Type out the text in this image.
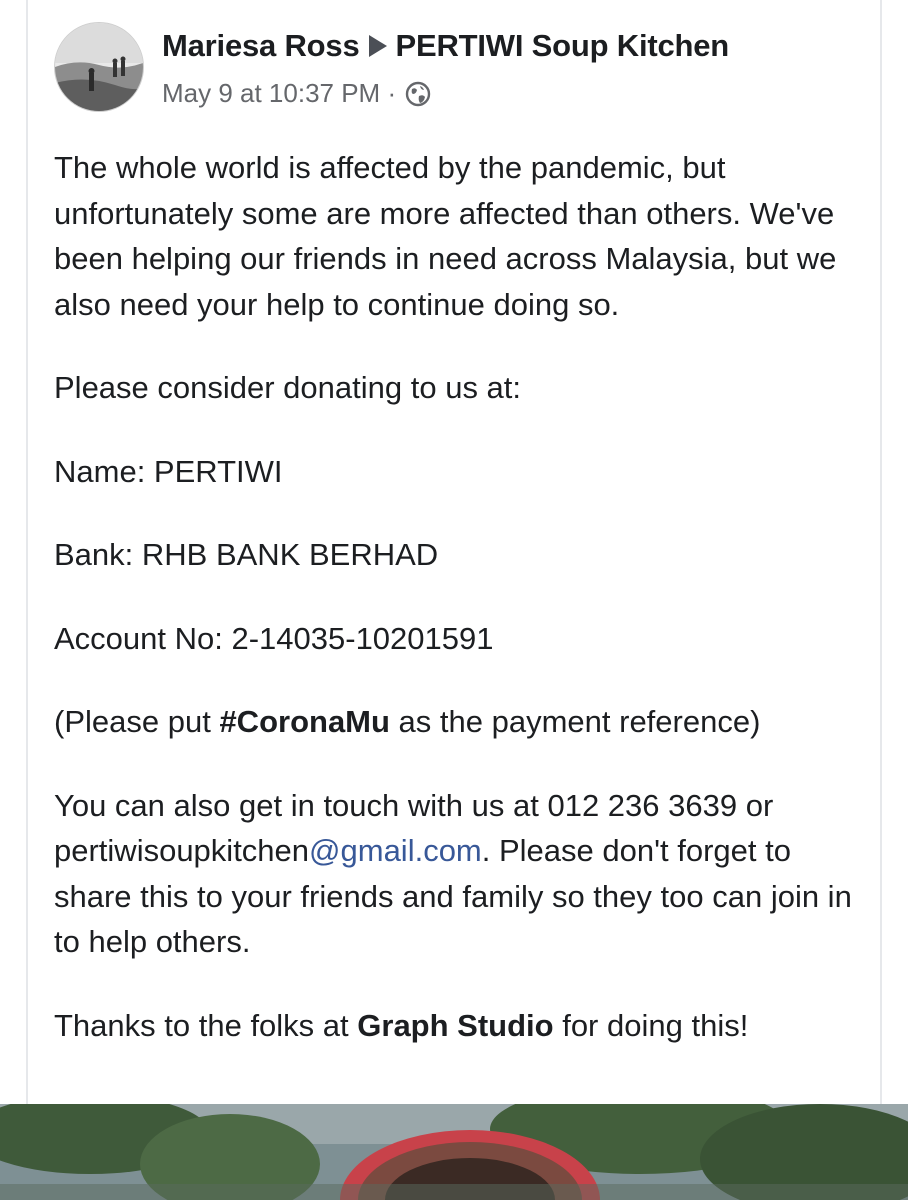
Mariesa Ross PERTIWI Soup Kitchen
May 9 at 10:37 PM ·

The whole world is affected by the pandemic, but unfortunately some are more affected than others. We've been helping our friends in need across Malaysia, but we also need your help to continue doing so.

Please consider donating to us at:

Name: PERTIWI

Bank: RHB BANK BERHAD

Account No: 2-14035-10201591

(Please put #CoronaMu as the payment reference)

You can also get in touch with us at 012 236 3639 or pertiwisoupkitchen@gmail.com. Please don't forget to share this to your friends and family so they too can join in to help others.

Thanks to the folks at Graph Studio for doing this!
